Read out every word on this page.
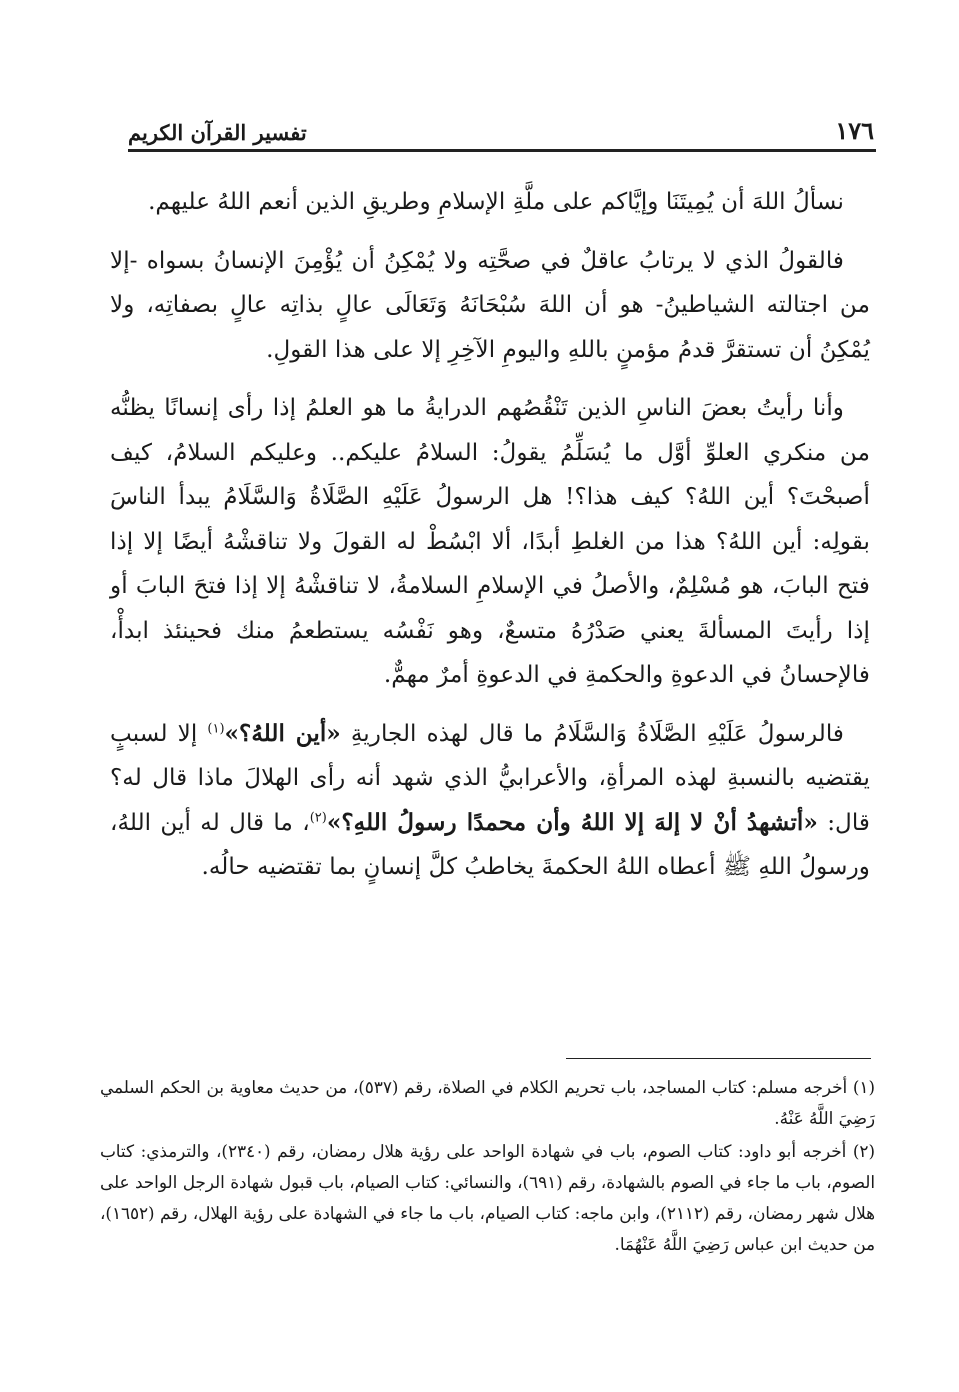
تفسير القرآن الكريم	١٧٦

نسألُ اللهَ أن يُمِيتَنَا وإيَّاكم على ملَّةِ الإسلامِ وطريقِ الذين أنعم اللهُ عليهم.

فالقولُ الذي لا يرتابُ عاقلٌ في صحَّتِه ولا يُمْكِنُ أن يُؤْمِنَ الإنسانُ بسواه -إلا من اجتالته الشياطينُ- هو أن اللهَ سُبْحَانَهُ وَتَعَالَى عالٍ بذاتِه عالٍ بصفاتِه، ولا يُمْكِنُ أن تستقرَّ قدمُ مؤمنٍ باللهِ واليومِ الآخِرِ إلا على هذا القولِ.

وأنا رأيتُ بعضَ الناسِ الذين تَنْقُصُهم الدرايةُ ما هو العلمُ إذا رأى إنسانًا يظنُّه من منكري العلوِّ أوَّل ما يُسَلِّمُ يقولُ: السلامُ عليكم.. وعليكم السلامُ، كيف أصبحْتَ؟ أين اللهُ؟ كيف هذا؟! هل الرسولُ عَلَيْهِ الصَّلَاةُ وَالسَّلَامُ يبدأ الناسَ بقولِه: أين اللهُ؟ هذا من الغلطِ أبدًا، ألا ابْسُطْ له القولَ ولا تناقشْهُ أيضًا إلا إذا فتح البابَ، هو مُسْلِمٌ، والأصلُ في الإسلامِ السلامةُ، لا تناقشْهُ إلا إذا فتحَ البابَ أو إذا رأيتَ المسألةَ يعني صَدْرُهُ متسعٌ، وهو نَفْسُه يستطعمُ منك فحينئذ ابدأْ، فالإحسانُ في الدعوةِ والحكمةِ في الدعوةِ أمرٌ مهمٌّ.

فالرسولُ عَلَيْهِ الصَّلَاةُ وَالسَّلَامُ ما قال لهذه الجاريةِ «أين اللهُ؟»$^{(١)}$ إلا لسببٍ يقتضيه بالنسبةِ لهذه المرأةِ، والأعرابيُّ الذي شهد أنه رأى الهلالَ ماذا قال له؟ قال: «أتشهدُ أنْ لا إلهَ إلا اللهُ وأن محمدًا رسولُ اللهِ؟»$^{(٢)}$، ما قال له أين اللهُ، ورسولُ اللهِ ﷺ أعطاه اللهُ الحكمةَ يخاطبُ كلَّ إنسانٍ بما تقتضيه حالُه.

(١) أخرجه مسلم: كتاب المساجد، باب تحريم الكلام في الصلاة، رقم (٥٣٧)، من حديث معاوية بن الحكم السلمي رَضِيَ اللَّهُ عَنْهُ.

(٢) أخرجه أبو داود: كتاب الصوم، باب في شهادة الواحد على رؤية هلال رمضان، رقم (٢٣٤٠)، والترمذي: كتاب الصوم، باب ما جاء في الصوم بالشهادة، رقم (٦٩١)، والنسائي: كتاب الصيام، باب قبول شهادة الرجل الواحد على هلال شهر رمضان، رقم (٢١١٢)، وابن ماجه: كتاب الصيام، باب ما جاء في الشهادة على رؤية الهلال، رقم (١٦٥٢)، من حديث ابن عباس رَضِيَ اللَّهُ عَنْهُمَا.
